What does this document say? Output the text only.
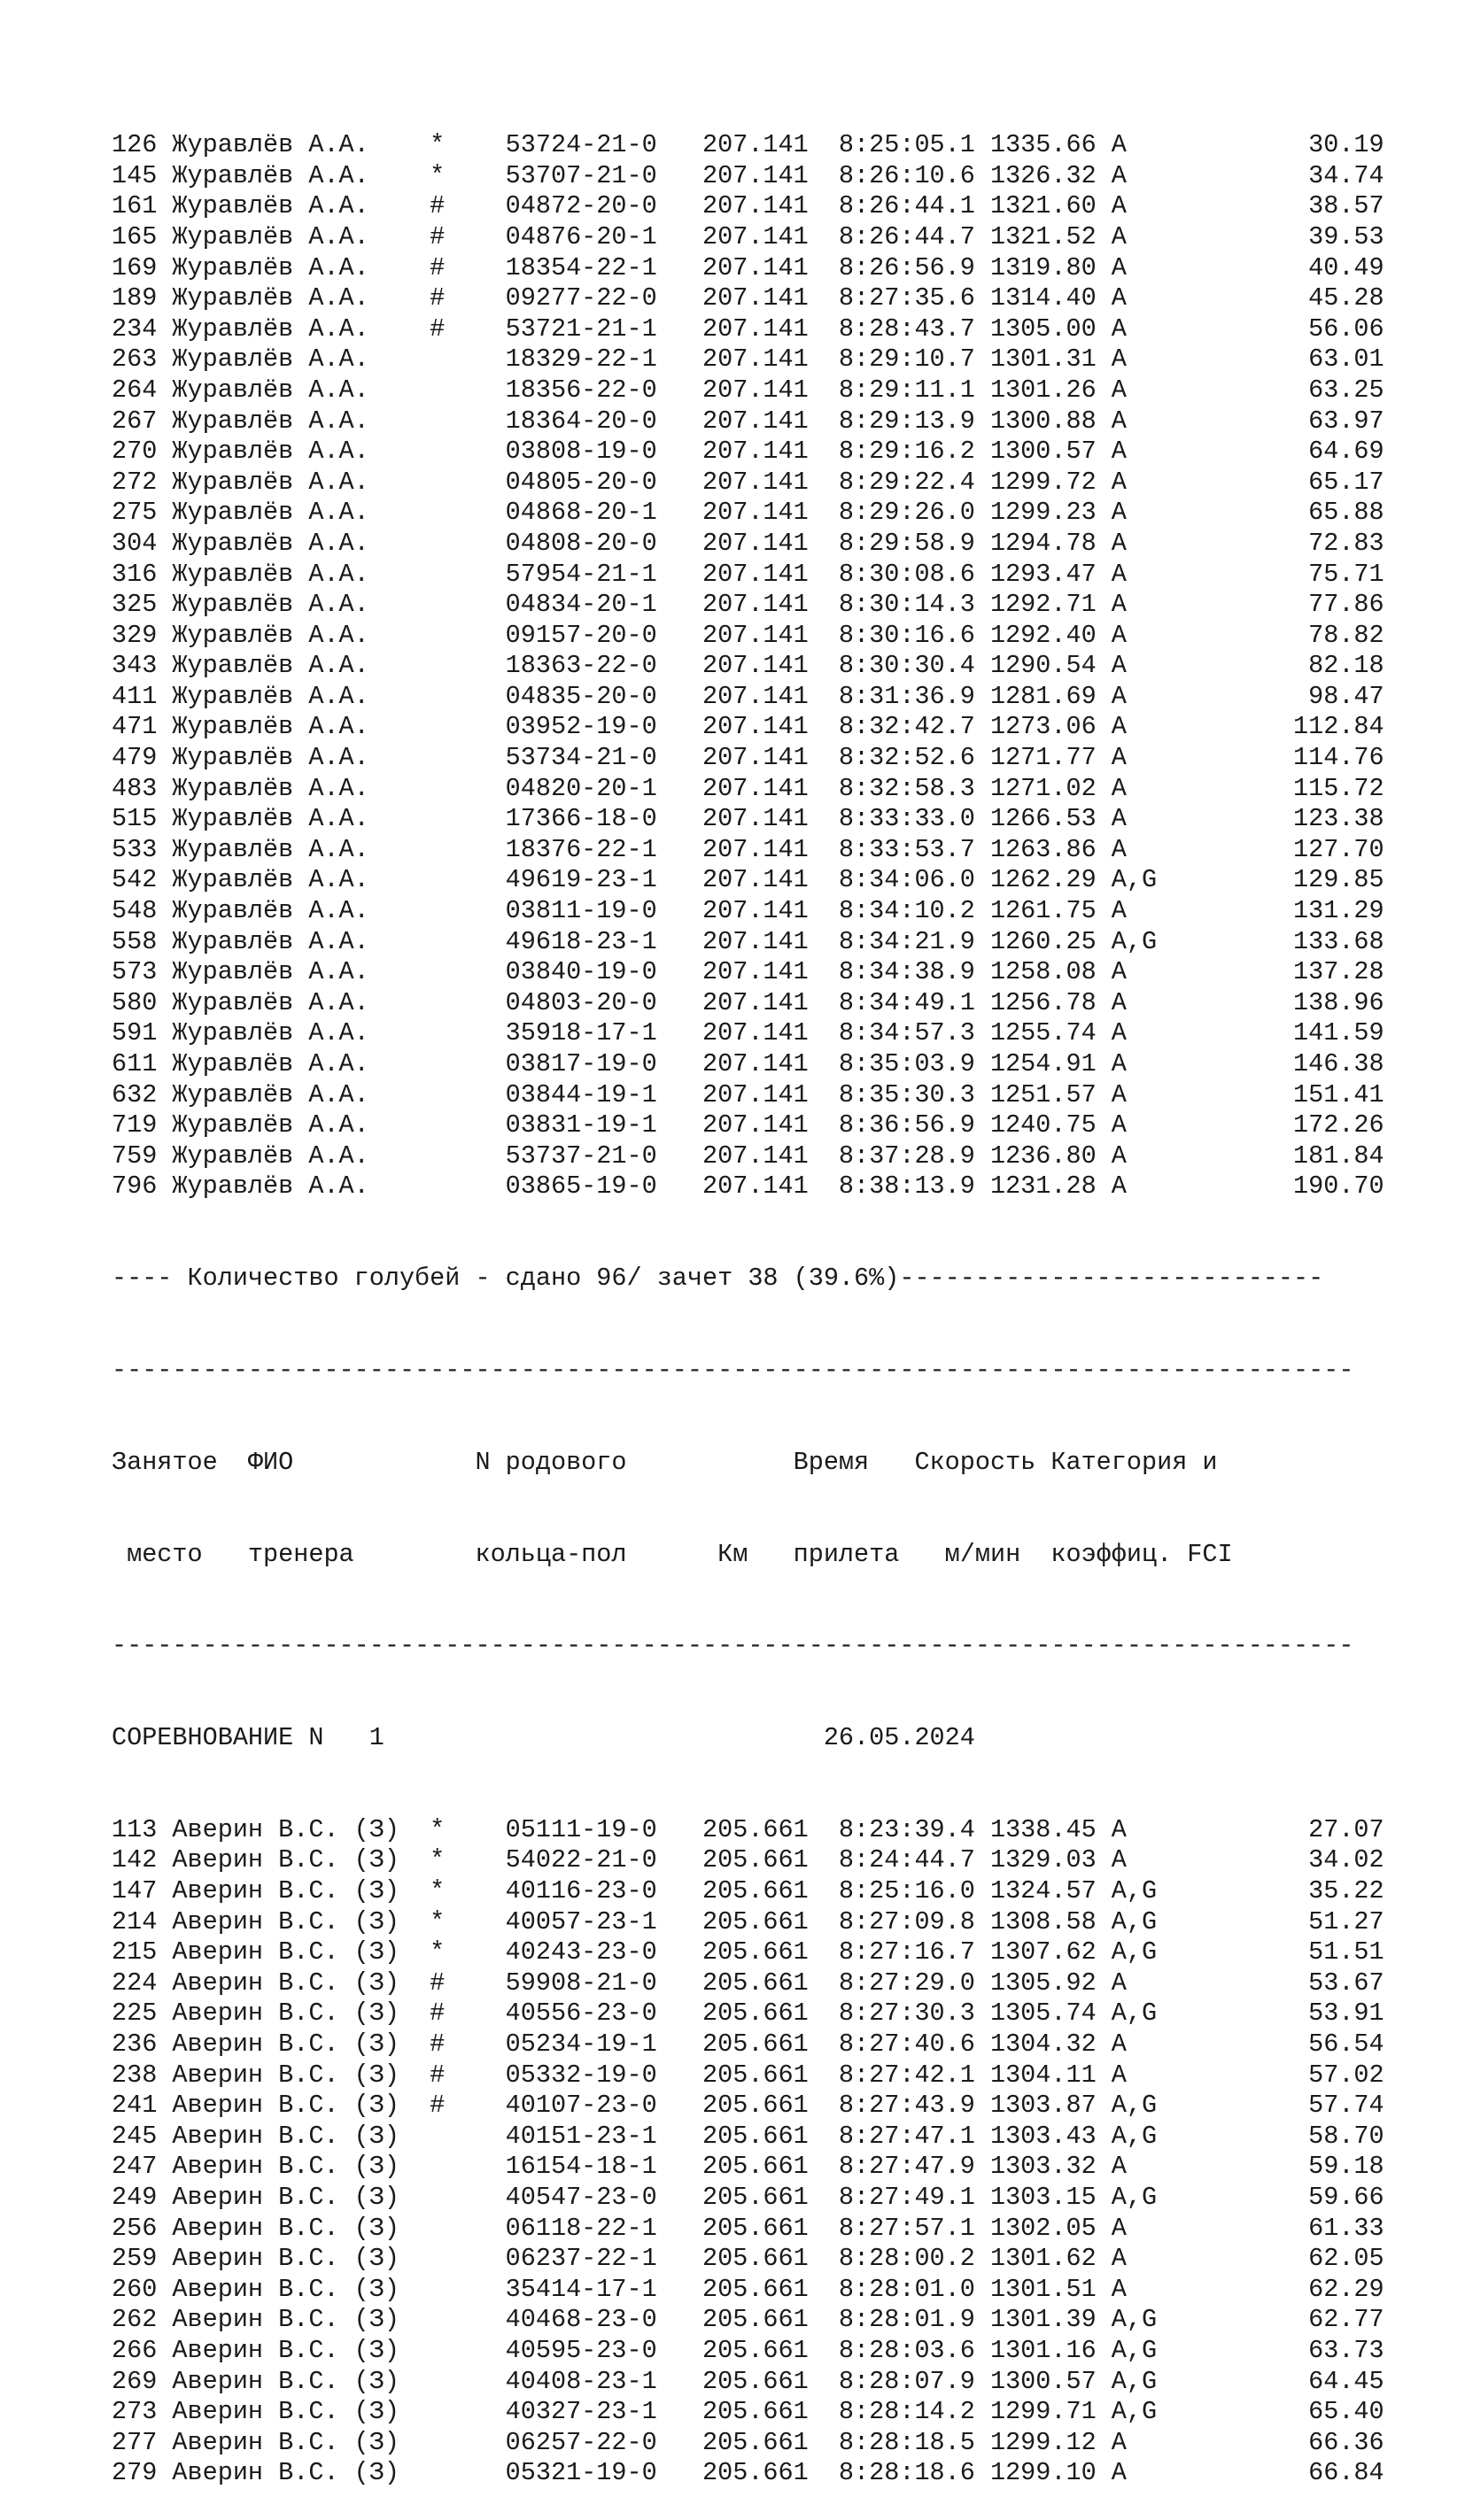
126 Журавлёв А.А.    *    53724-21-0   207.141  8:25:05.1 1335.66 A            30.19
145 Журавлёв А.А.    *    53707-21-0   207.141  8:26:10.6 1326.32 A            34.74
161 Журавлёв А.А.    #    04872-20-0   207.141  8:26:44.1 1321.60 A            38.57
165 Журавлёв А.А.    #    04876-20-1   207.141  8:26:44.7 1321.52 A            39.53
169 Журавлёв А.А.    #    18354-22-1   207.141  8:26:56.9 1319.80 A            40.49
189 Журавлёв А.А.    #    09277-22-0   207.141  8:27:35.6 1314.40 A            45.28
234 Журавлёв А.А.    #    53721-21-1   207.141  8:28:43.7 1305.00 A            56.06
263 Журавлёв А.А.         18329-22-1   207.141  8:29:10.7 1301.31 A            63.01
264 Журавлёв А.А.         18356-22-0   207.141  8:29:11.1 1301.26 A            63.25
267 Журавлёв А.А.         18364-20-0   207.141  8:29:13.9 1300.88 A            63.97
270 Журавлёв А.А.         03808-19-0   207.141  8:29:16.2 1300.57 A            64.69
272 Журавлёв А.А.         04805-20-0   207.141  8:29:22.4 1299.72 A            65.17
275 Журавлёв А.А.         04868-20-1   207.141  8:29:26.0 1299.23 A            65.88
304 Журавлёв А.А.         04808-20-0   207.141  8:29:58.9 1294.78 A            72.83
316 Журавлёв А.А.         57954-21-1   207.141  8:30:08.6 1293.47 A            75.71
325 Журавлёв А.А.         04834-20-1   207.141  8:30:14.3 1292.71 A            77.86
329 Журавлёв А.А.         09157-20-0   207.141  8:30:16.6 1292.40 A            78.82
343 Журавлёв А.А.         18363-22-0   207.141  8:30:30.4 1290.54 A            82.18
411 Журавлёв А.А.         04835-20-0   207.141  8:31:36.9 1281.69 A            98.47
471 Журавлёв А.А.         03952-19-0   207.141  8:32:42.7 1273.06 A           112.84
479 Журавлёв А.А.         53734-21-0   207.141  8:32:52.6 1271.77 A           114.76
483 Журавлёв А.А.         04820-20-1   207.141  8:32:58.3 1271.02 A           115.72
515 Журавлёв А.А.         17366-18-0   207.141  8:33:33.0 1266.53 A           123.38
533 Журавлёв А.А.         18376-22-1   207.141  8:33:53.7 1263.86 A           127.70
542 Журавлёв А.А.         49619-23-1   207.141  8:34:06.0 1262.29 A,G         129.85
548 Журавлёв А.А.         03811-19-0   207.141  8:34:10.2 1261.75 A           131.29
558 Журавлёв А.А.         49618-23-1   207.141  8:34:21.9 1260.25 A,G         133.68
573 Журавлёв А.А.         03840-19-0   207.141  8:34:38.9 1258.08 A           137.28
580 Журавлёв А.А.         04803-20-0   207.141  8:34:49.1 1256.78 A           138.96
591 Журавлёв А.А.         35918-17-1   207.141  8:34:57.3 1255.74 A           141.59
611 Журавлёв А.А.         03817-19-0   207.141  8:35:03.9 1254.91 A           146.38
632 Журавлёв А.А.         03844-19-1   207.141  8:35:30.3 1251.57 A           151.41
719 Журавлёв А.А.         03831-19-1   207.141  8:36:56.9 1240.75 A           172.26
759 Журавлёв А.А.         53737-21-0   207.141  8:37:28.9 1236.80 A           181.84
796 Журавлёв А.А.         03865-19-0   207.141  8:38:13.9 1231.28 A           190.70

---- Количество голубей - сдано 96/ зачет 38 (39.6%)----------------------------

----------------------------------------------------------------------------------

Занятое  ФИО            N родового           Время   Скорость Категория и

место   тренера        кольца-пол      Км   прилета   м/мин  коэффиц. FCI

----------------------------------------------------------------------------------

СОРЕВНОВАНИЕ N   1                             26.05.2024

113 Аверин В.С. (З)  *    05111-19-0   205.661  8:23:39.4 1338.45 A            27.07
142 Аверин В.С. (З)  *    54022-21-0   205.661  8:24:44.7 1329.03 A            34.02
147 Аверин В.С. (З)  *    40116-23-0   205.661  8:25:16.0 1324.57 A,G          35.22
214 Аверин В.С. (З)  *    40057-23-1   205.661  8:27:09.8 1308.58 A,G          51.27
215 Аверин В.С. (З)  *    40243-23-0   205.661  8:27:16.7 1307.62 A,G          51.51
224 Аверин В.С. (З)  #    59908-21-0   205.661  8:27:29.0 1305.92 A            53.67
225 Аверин В.С. (З)  #    40556-23-0   205.661  8:27:30.3 1305.74 A,G          53.91
236 Аверин В.С. (З)  #    05234-19-1   205.661  8:27:40.6 1304.32 A            56.54
238 Аверин В.С. (З)  #    05332-19-0   205.661  8:27:42.1 1304.11 A            57.02
241 Аверин В.С. (З)  #    40107-23-0   205.661  8:27:43.9 1303.87 A,G          57.74
245 Аверин В.С. (З)       40151-23-1   205.661  8:27:47.1 1303.43 A,G          58.70
247 Аверин В.С. (З)       16154-18-1   205.661  8:27:47.9 1303.32 A            59.18
249 Аверин В.С. (З)       40547-23-0   205.661  8:27:49.1 1303.15 A,G          59.66
256 Аверин В.С. (З)       06118-22-1   205.661  8:27:57.1 1302.05 A            61.33
259 Аверин В.С. (З)       06237-22-1   205.661  8:28:00.2 1301.62 A            62.05
260 Аверин В.С. (З)       35414-17-1   205.661  8:28:01.0 1301.51 A            62.29
262 Аверин В.С. (З)       40468-23-0   205.661  8:28:01.9 1301.39 A,G          62.77
266 Аверин В.С. (З)       40595-23-0   205.661  8:28:03.6 1301.16 A,G          63.73
269 Аверин В.С. (З)       40408-23-1   205.661  8:28:07.9 1300.57 A,G          64.45
273 Аверин В.С. (З)       40327-23-1   205.661  8:28:14.2 1299.71 A,G          65.40
277 Аверин В.С. (З)       06257-22-0   205.661  8:28:18.5 1299.12 A            66.36
279 Аверин В.С. (З)       05321-19-0   205.661  8:28:18.6 1299.10 A            66.84
